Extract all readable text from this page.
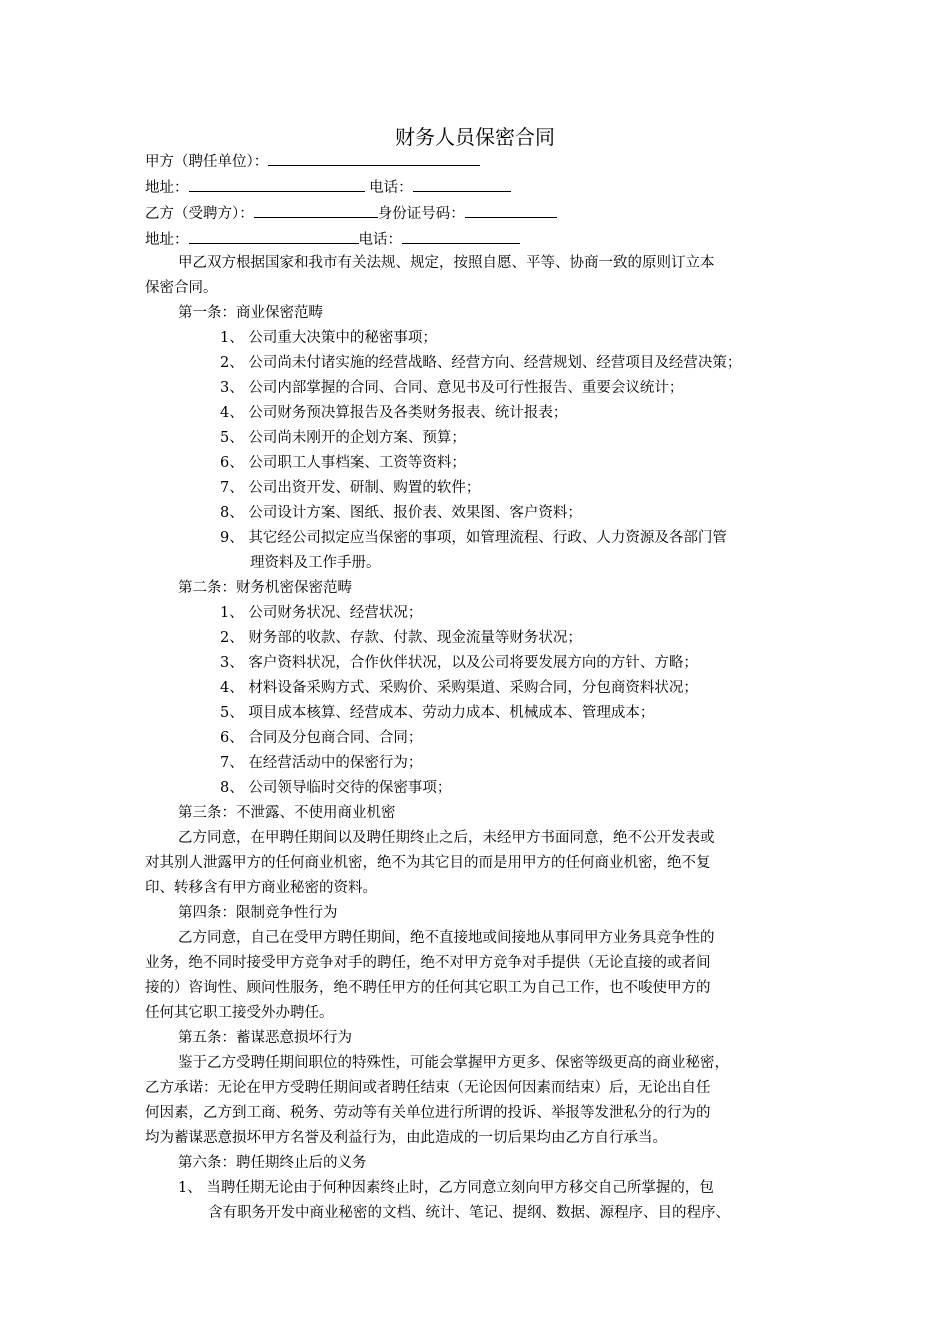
财务人员保密合同
甲方（聘任单位）：
地址：	电话：
乙方（受聘方）：	身份证号码：
地址：	电话：
甲乙双方根据国家和我市有关法规、规定，按照自愿、平等、协商一致的原则订立本
保密合同。
第一条：商业保密范畴
1、 公司重大决策中的秘密事项；
2、 公司尚未付诸实施的经营战略、经营方向、经营规划、经营项目及经营决策；
3、 公司内部掌握的合同、合同、意见书及可行性报告、重要会议统计；
4、 公司财务预决算报告及各类财务报表、统计报表；
5、 公司尚未刚开的企划方案、预算；
6、 公司职工人事档案、工资等资料；
7、 公司出资开发、研制、购置的软件；
8、 公司设计方案、图纸、报价表、效果图、客户资料；
9、 其它经公司拟定应当保密的事项，如管理流程、行政、人力资源及各部门管
理资料及工作手册。
第二条：财务机密保密范畴
1、 公司财务状况、经营状况；
2、 财务部的收款、存款、付款、现金流量等财务状况；
3、 客户资料状况，合作伙伴状况，以及公司将要发展方向的方针、方略；
4、 材料设备采购方式、采购价、采购渠道、采购合同，分包商资料状况；
5、 项目成本核算、经营成本、劳动力成本、机械成本、管理成本；
6、 合同及分包商合同、合同；
7、 在经营活动中的保密行为；
8、 公司领导临时交待的保密事项；
第三条：不泄露、不使用商业机密
乙方同意，在甲聘任期间以及聘任期终止之后，未经甲方书面同意，绝不公开发表或
对其别人泄露甲方的任何商业机密，绝不为其它目的而是用甲方的任何商业机密，绝不复
印、转移含有甲方商业秘密的资料。
第四条：限制竞争性行为
乙方同意，自己在受甲方聘任期间，绝不直接地或间接地从事同甲方业务具竞争性的
业务，绝不同时接受甲方竞争对手的聘任，绝不对甲方竞争对手提供（无论直接的或者间
接的）咨询性、顾问性服务，绝不聘任甲方的任何其它职工为自己工作，也不唆使甲方的
任何其它职工接受外办聘任。
第五条：蓄谋恶意损坏行为
鉴于乙方受聘任期间职位的特殊性，可能会掌握甲方更多、保密等级更高的商业秘密，
乙方承诺：无论在甲方受聘任期间或者聘任结束（无论因何因素而结束）后，无论出自任
何因素，乙方到工商、税务、劳动等有关单位进行所谓的投诉、举报等发泄私分的行为的
均为蓄谋恶意损坏甲方名誉及利益行为，由此造成的一切后果均由乙方自行承当。
第六条：聘任期终止后的义务
1、 当聘任期无论由于何种因素终止时，乙方同意立刻向甲方移交自己所掌握的，包
含有职务开发中商业秘密的文档、统计、笔记、提纲、数据、源程序、目的程序、
